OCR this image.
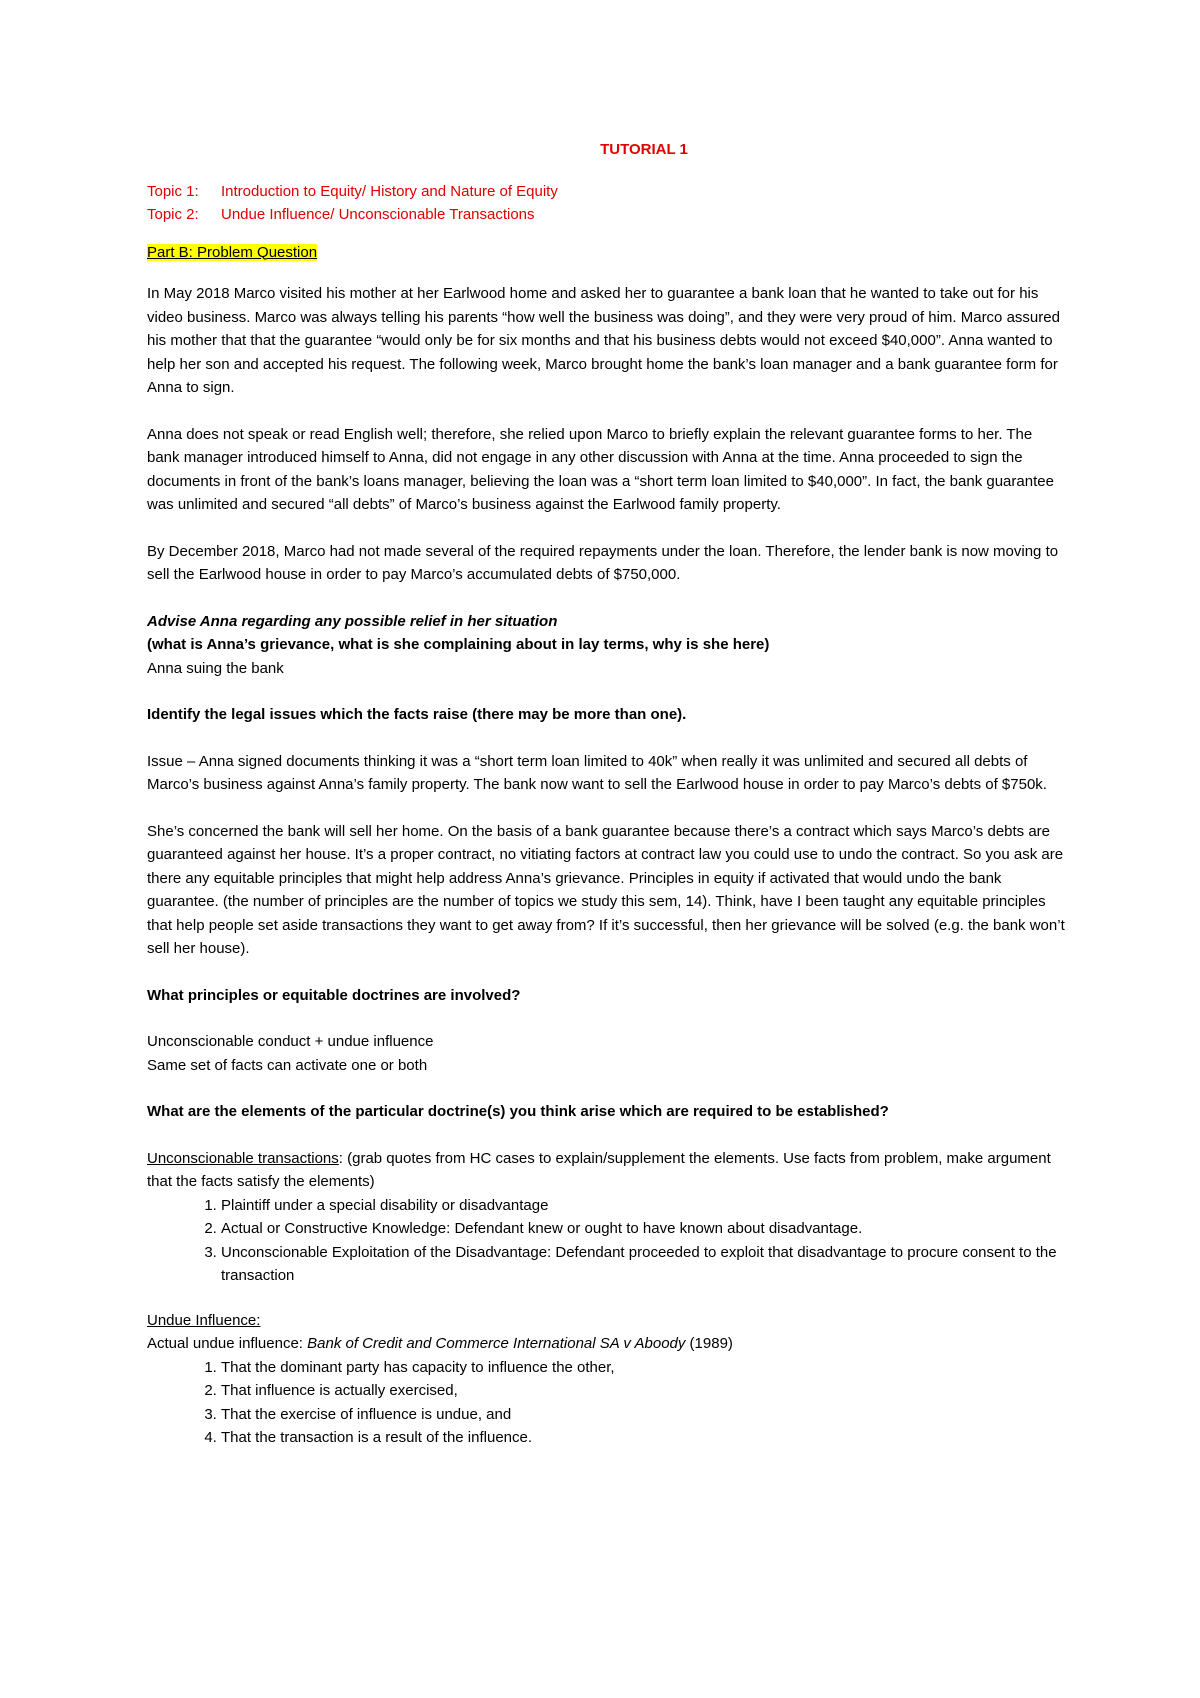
TUTORIAL 1
Topic 1: Introduction to Equity/ History and Nature of Equity
Topic 2: Undue Influence/ Unconscionable Transactions
Part B: Problem Question

In May 2018 Marco visited his mother at her Earlwood home and asked her to guarantee a bank loan that he wanted to take out for his video business. Marco was always telling his parents “how well the business was doing”, and they were very proud of him. Marco assured his mother that that the guarantee “would only be for six months and that his business debts would not exceed $40,000”. Anna wanted to help her son and accepted his request. The following week, Marco brought home the bank’s loan manager and a bank guarantee form for Anna to sign.

Anna does not speak or read English well; therefore, she relied upon Marco to briefly explain the relevant guarantee forms to her. The bank manager introduced himself to Anna, did not engage in any other discussion with Anna at the time. Anna proceeded to sign the documents in front of the bank’s loans manager, believing the loan was a “short term loan limited to $40,000”. In fact, the bank guarantee was unlimited and secured “all debts” of Marco’s business against the Earlwood family property.

By December 2018, Marco had not made several of the required repayments under the loan. Therefore, the lender bank is now moving to sell the Earlwood house in order to pay Marco’s accumulated debts of $750,000.

Advise Anna regarding any possible relief in her situation
(what is Anna’s grievance, what is she complaining about in lay terms, why is she here)

Anna suing the bank

Identify the legal issues which the facts raise (there may be more than one).

Issue – Anna signed documents thinking it was a “short term loan limited to 40k” when really it was unlimited and secured all debts of Marco’s business against Anna’s family property. The bank now want to sell the Earlwood house in order to pay Marco’s debts of $750k.

She’s concerned the bank will sell her home. On the basis of a bank guarantee because there’s a contract which says Marco’s debts are guaranteed against her house. It’s a proper contract, no vitiating factors at contract law you could use to undo the contract. So you ask are there any equitable principles that might help address Anna’s grievance. Principles in equity if activated that would undo the bank guarantee. (the number of principles are the number of topics we study this sem, 14). Think, have I been taught any equitable principles that help people set aside transactions they want to get away from? If it’s successful, then her grievance will be solved (e.g. the bank won’t sell her house).

What principles or equitable doctrines are involved?

Unconscionable conduct + undue influence

Same set of facts can activate one or both

What are the elements of the particular doctrine(s) you think arise which are required to be established?

Unconscionable transactions: (grab quotes from HC cases to explain/supplement the elements. Use facts from problem, make argument that the facts satisfy the elements)
1. Plaintiff under a special disability or disadvantage
2. Actual or Constructive Knowledge: Defendant knew or ought to have known about disadvantage.
3. Unconscionable Exploitation of the Disadvantage: Defendant proceeded to exploit that disadvantage to procure consent to the transaction
Undue Influence:
Actual undue influence: Bank of Credit and Commerce International SA v Aboody (1989)
1. That the dominant party has capacity to influence the other,
2. That influence is actually exercised,
3. That the exercise of influence is undue, and
4. That the transaction is a result of the influence.
